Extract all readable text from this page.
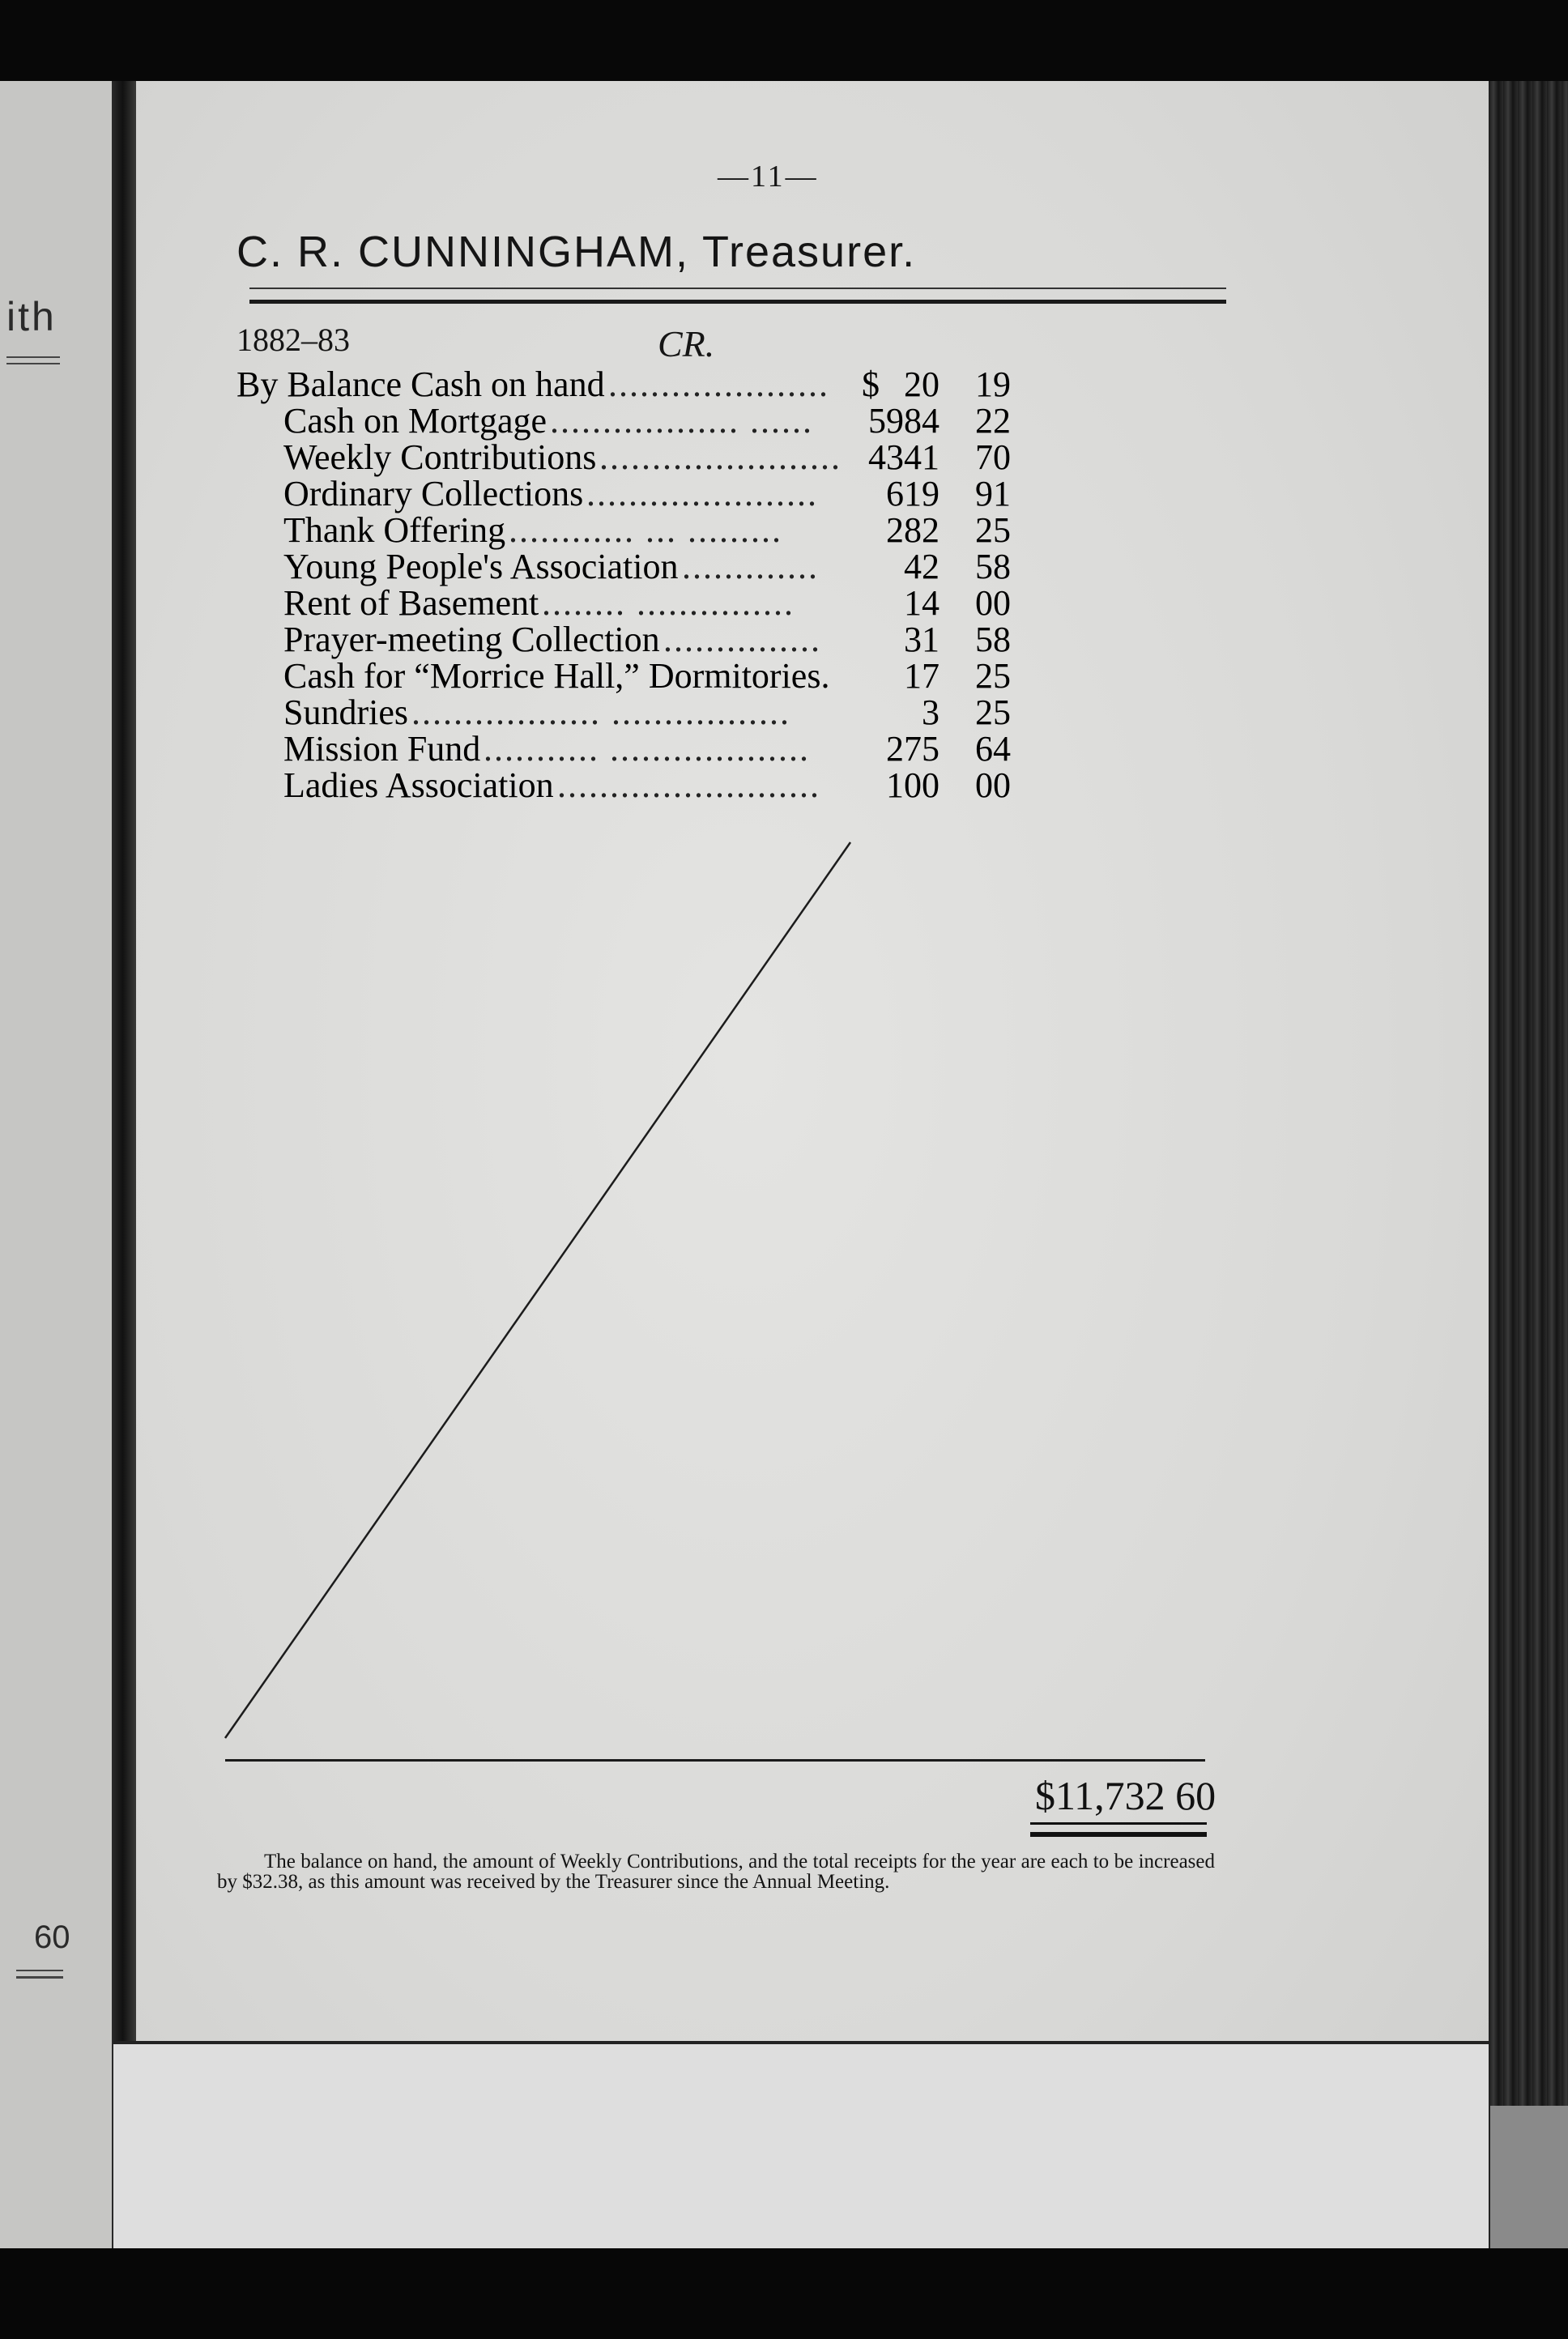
ith
60
—11—
C. R. CUNNINGHAM, Treasurer.
1882–83	CR.
By Balance Cash on hand ..................... $ 20 19
Cash on Mortgage .................. ......	5984 22
Weekly Contributions ....................... 4341 70
Ordinary Collections ......................	619 91
Thank Offering ............ ... .........	282 25
Young People's Association .............	42 58
Rent of Basement ........ ...............	14 00
Prayer-meeting Collection ...............	31 58
Cash for “Morrice Hall,” Dormitories. 17 25
Sundries .................. .................	3 25
Mission Fund ........... ...................	275 64
Ladies Association .........................	100 00
$11,732 60
The balance on hand, the amount of Weekly Contributions, and the total receipts for the year are each to be increased by $32.38, as this amount was received by the Treasurer since the Annual Meeting.
